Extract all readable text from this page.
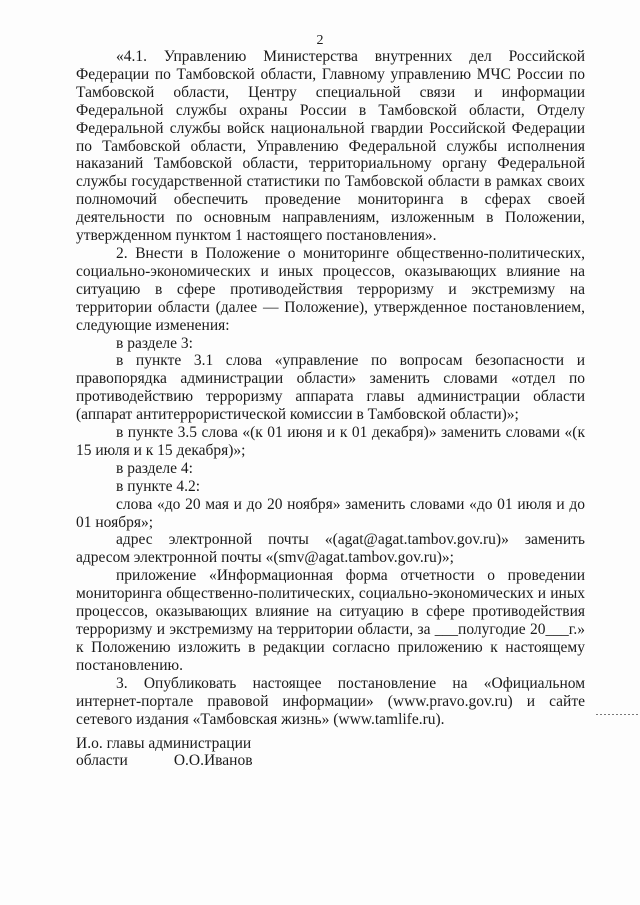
2

«4.1. Управлению Министерства внутренних дел Российской Федерации по Тамбовской области, Главному управлению МЧС России по Тамбовской области, Центру специальной связи и информации Федеральной службы охраны России в Тамбовской области, Отделу Федеральной службы войск национальной гвардии Российской Федерации по Тамбовской области, Управлению Федеральной службы исполнения наказаний Тамбовской области, территориальному органу Федеральной службы государственной статистики по Тамбовской области в рамках своих полномочий обеспечить проведение мониторинга в сферах своей деятельности по основным направлениям, изложенным в Положении, утвержденном пунктом 1 настоящего постановления».

2. Внести в Положение о мониторинге общественно-политических, социально-экономических и иных процессов, оказывающих влияние на ситуацию в сфере противодействия терроризму и экстремизму на территории области (далее — Положение), утвержденное постановлением, следующие изменения:

в разделе 3:

в пункте 3.1 слова «управление по вопросам безопасности и правопорядка администрации области» заменить словами «отдел по противодействию терроризму аппарата главы администрации области (аппарат антитеррористической комиссии в Тамбовской области)»;

в пункте 3.5 слова «(к 01 июня и к 01 декабря)» заменить словами «(к 15 июля и к 15 декабря)»;

в разделе 4:

в пункте 4.2:

слова «до 20 мая и до 20 ноября» заменить словами «до 01 июля и до 01 ноября»;

адрес электронной почты «(agat@agat.tambov.gov.ru)» заменить адресом электронной почты «(smv@agat.tambov.gov.ru)»;

приложение «Информационная форма отчетности о проведении мониторинга общественно-политических, социально-экономических и иных процессов, оказывающих влияние на ситуацию в сфере противодействия терроризму и экстремизму на территории области, за ___полугодие 20___г.» к Положению изложить в редакции согласно приложению к настоящему постановлению.

3. Опубликовать настоящее постановление на «Официальном интернет-портале правовой информации» (www.pravo.gov.ru) и сайте сетевого издания «Тамбовская жизнь» (www.tamlife.ru).

И.о. главы администрации

области	О.О.Иванов
